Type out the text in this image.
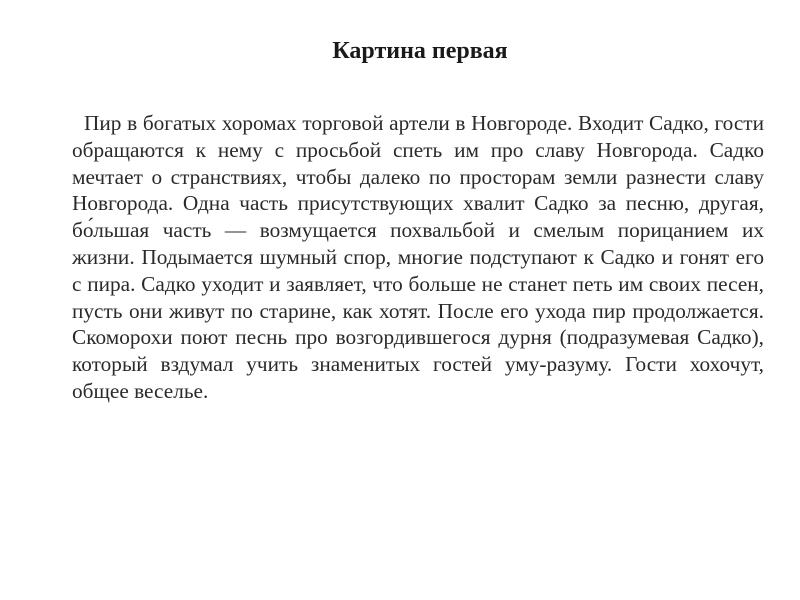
Картина первая

Пир в богатых хоромах торговой артели в Новгороде. Входит Садко, гости обращаются к нему с просьбой спеть им про славу Новгорода. Садко мечтает о странствиях, чтобы далеко по просторам земли разнести славу Новгорода. Одна часть присутствующих хвалит Садко за песню, другая, бо́льшая часть — возмущается похвальбой и смелым порицанием их жизни. Подымается шумный спор, многие подступают к Садко и гонят его с пира. Садко уходит и заявляет, что больше не станет петь им своих песен, пусть они живут по старине, как хотят. После его ухода пир продолжается. Скоморохи поют песнь про возгордившегося дурня (подразумевая Садко), который вздумал учить знаменитых гостей уму-разуму. Гости хохочут, общее веселье.
